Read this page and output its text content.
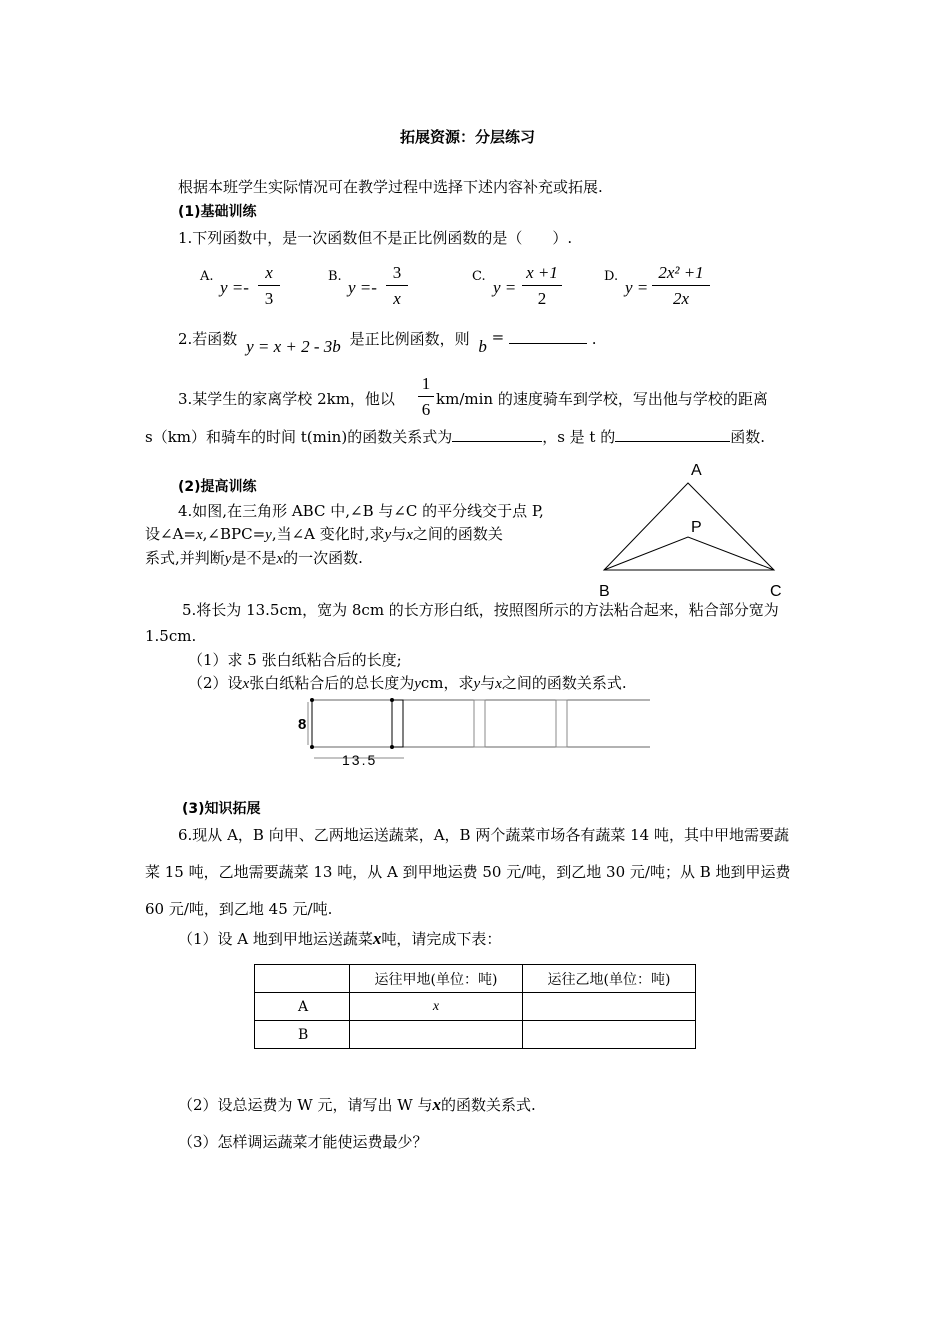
拓展资源：分层练习
根据本班学生实际情况可在教学过程中选择下述内容补充或拓展.
(1)基础训练
1.下列函数中，是一次函数但不是正比例函数的是（　　）.
A.
y =-
x
3
B.
y =-
3
x
C.
y =
x +1
2
D.
y =
2x² +1
2x
2.若函数 y = x + 2 - 3b 是正比例函数，则 b =	.
3.某学生的家离学校 2km，他以
1
6
km/min 的速度骑车到学校，写出他与学校的距离
s（km）和骑车的时间 t(min)的函数关系式为	，s 是 t 的	函数.
(2)提高训练
4.如图,在三角形 ABC 中,∠B 与∠C 的平分线交于点 P,
设∠A=x,∠BPC=y,当∠A 变化时,求y与x之间的函数关
系式,并判断y是不是x的一次函数.
A
P
B	C
5.将长为 13.5cm，宽为 8cm 的长方形白纸，按照图所示的方法粘合起来，粘合部分宽为
1.5cm.
（1）求 5 张白纸粘合后的长度;
（2）设x张白纸粘合后的总长度为ycm，求y与x之间的函数关系式.
8
13.5
(3)知识拓展
6.现从 A，B 向甲、乙两地运送蔬菜，A，B 两个蔬菜市场各有蔬菜 14 吨，其中甲地需要蔬
菜 15 吨，乙地需要蔬菜 13 吨，从 A 到甲地运费 50 元/吨，到乙地 30 元/吨；从 B 地到甲运费
60 元/吨，到乙地 45 元/吨.
（1）设 A 地到甲地运送蔬菜x吨，请完成下表：
	运往甲地(单位：吨)	运往乙地(单位：吨)
A	x	
B		
（2）设总运费为 W 元，请写出 W 与x的函数关系式.
（3）怎样调运蔬菜才能使运费最少？
